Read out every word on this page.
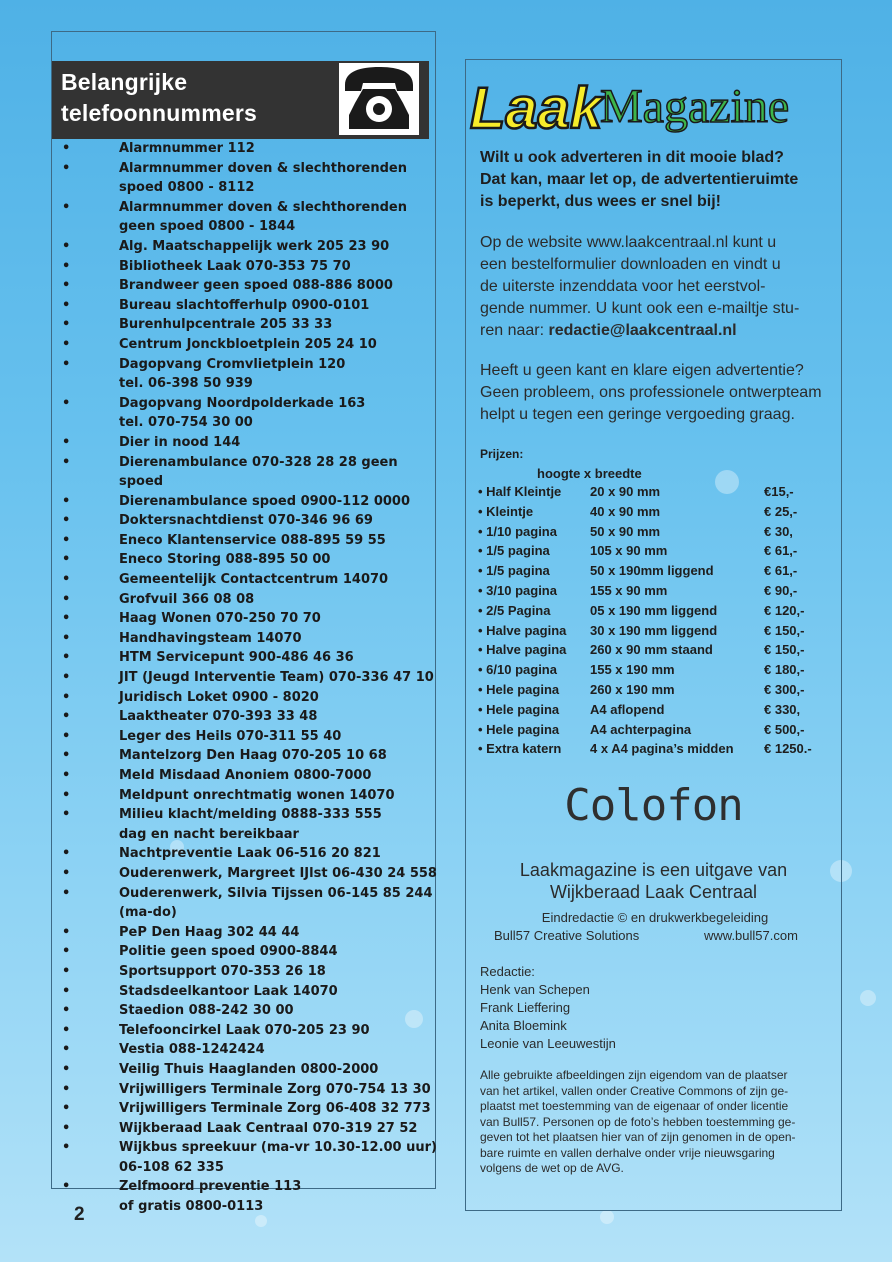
Belangrijke
telefoonnummers
•	Alarmnummer 112
•	Alarmnummer doven & slechthorenden
spoed 0800 - 8112
•	Alarmnummer doven & slechthorenden
geen spoed 0800 - 1844
•	Alg. Maatschappelijk werk 205 23 90
•	Bibliotheek Laak 070-353 75 70
•	Brandweer geen spoed 088-886 8000
•	Bureau slachtofferhulp 0900-0101
•	Burenhulpcentrale 205 33 33
•	Centrum Jonckbloetplein 205 24 10
•	Dagopvang Cromvlietplein 120
tel. 06-398 50 939
•	Dagopvang Noordpolderkade 163
tel. 070-754 30 00
•	Dier in nood 144
•	Dierenambulance 070-328 28 28 geen spoed
•	Dierenambulance spoed 0900-112 0000
•	Doktersnachtdienst 070-346 96 69
•	Eneco Klantenservice 088-895 59 55
•	Eneco Storing 088-895 50 00
•	Gemeentelijk Contactcentrum 14070
•	Grofvuil 366 08 08
•	Haag Wonen 070-250 70 70
•	Handhavingsteam 14070
•	HTM Servicepunt 900-486 46 36
•	JIT (Jeugd Interventie Team) 070-336 47 10
•	Juridisch Loket 0900 - 8020
•	Laaktheater 070-393 33 48
•	Leger des Heils 070-311 55 40
•	Mantelzorg Den Haag 070-205 10 68
•	Meld Misdaad Anoniem 0800-7000
•	Meldpunt onrechtmatig wonen 14070
•	Milieu klacht/melding 0888-333 555
dag en nacht bereikbaar
•	Nachtpreventie Laak 06-516 20 821
•	Ouderenwerk, Margreet IJlst 06-430 24 558
•	Ouderenwerk, Silvia Tijssen 06-145 85 244
(ma-do)
•	PeP Den Haag 302 44 44
•	Politie geen spoed 0900-8844
•	Sportsupport 070-353 26 18
•	Stadsdeelkantoor Laak 14070
•	Staedion 088-242 30 00
•	Telefooncirkel Laak 070-205 23 90
•	Vestia 088-1242424
•	Veilig Thuis Haaglanden 0800-2000
•	Vrijwilligers Terminale Zorg 070-754 13 30
•	Vrijwilligers Terminale Zorg 06-408 32 773
•	Wijkberaad Laak Centraal 070-319 27 52
•	Wijkbus spreekuur (ma-vr 10.30-12.00 uur)
06-108 62 335
•	Zelfmoord preventie 113
of gratis 0800-0113
2
Laak
Magazine
Wilt u ook adverteren in dit mooie blad?
Dat kan, maar let op, de advertentieruimte
is beperkt, dus wees er snel bij!
Op de website www.laakcentraal.nl kunt u
een bestelformulier downloaden en vindt u
de uiterste inzenddata voor het eerstvol-
gende nummer. U kunt ook een e-mailtje stu-
ren naar: redactie@laakcentraal.nl
Heeft u geen kant en klare eigen advertentie?
Geen probleem, ons professionele ontwerpteam
helpt u tegen een geringe vergoeding graag.
Prijzen:
hoogte x breedte
• Half Kleintje 20 x 90 mm	€15,-
• Kleintje	40 x 90 mm	€ 25,-
• 1/10 pagina	50 x 90 mm	€ 30,
• 1/5 pagina	105 x 90 mm	€ 61,-
• 1/5 pagina	50 x 190mm liggend	€ 61,-
• 3/10 pagina	155 x 90 mm	€ 90,-
• 2/5 Pagina	05 x 190 mm liggend	€ 120,-
• Halve pagina 30 x 190 mm liggend	€ 150,-
• Halve pagina 260 x 90 mm staand	€ 150,-
• 6/10 pagina	155 x 190 mm	€ 180,-
• Hele pagina 260 x 190 mm	€ 300,-
• Hele pagina A4 aflopend	€ 330,
• Hele pagina A4 achterpagina	€ 500,-
• Extra katern 4 x A4 pagina’s midden € 1250.-
Colofon
Laakmagazine is een uitgave van
Wijkberaad Laak Centraal
Eindredactie © en drukwerkbegeleiding
Bull57 Creative Solutions	www.bull57.com
Redactie:
Henk van Schepen
Frank Lieffering
Anita Bloemink
Leonie van Leeuwestijn
Alle gebruikte afbeeldingen zijn eigendom van de plaatser
van het artikel, vallen onder Creative Commons of zijn ge-
plaatst met toestemming van de eigenaar of onder licentie
van Bull57. Personen op de foto’s hebben toestemming ge-
geven tot het plaatsen hier van of zijn genomen in de open-
bare ruimte en vallen derhalve onder vrije nieuwsgaring
volgens de wet op de AVG.
